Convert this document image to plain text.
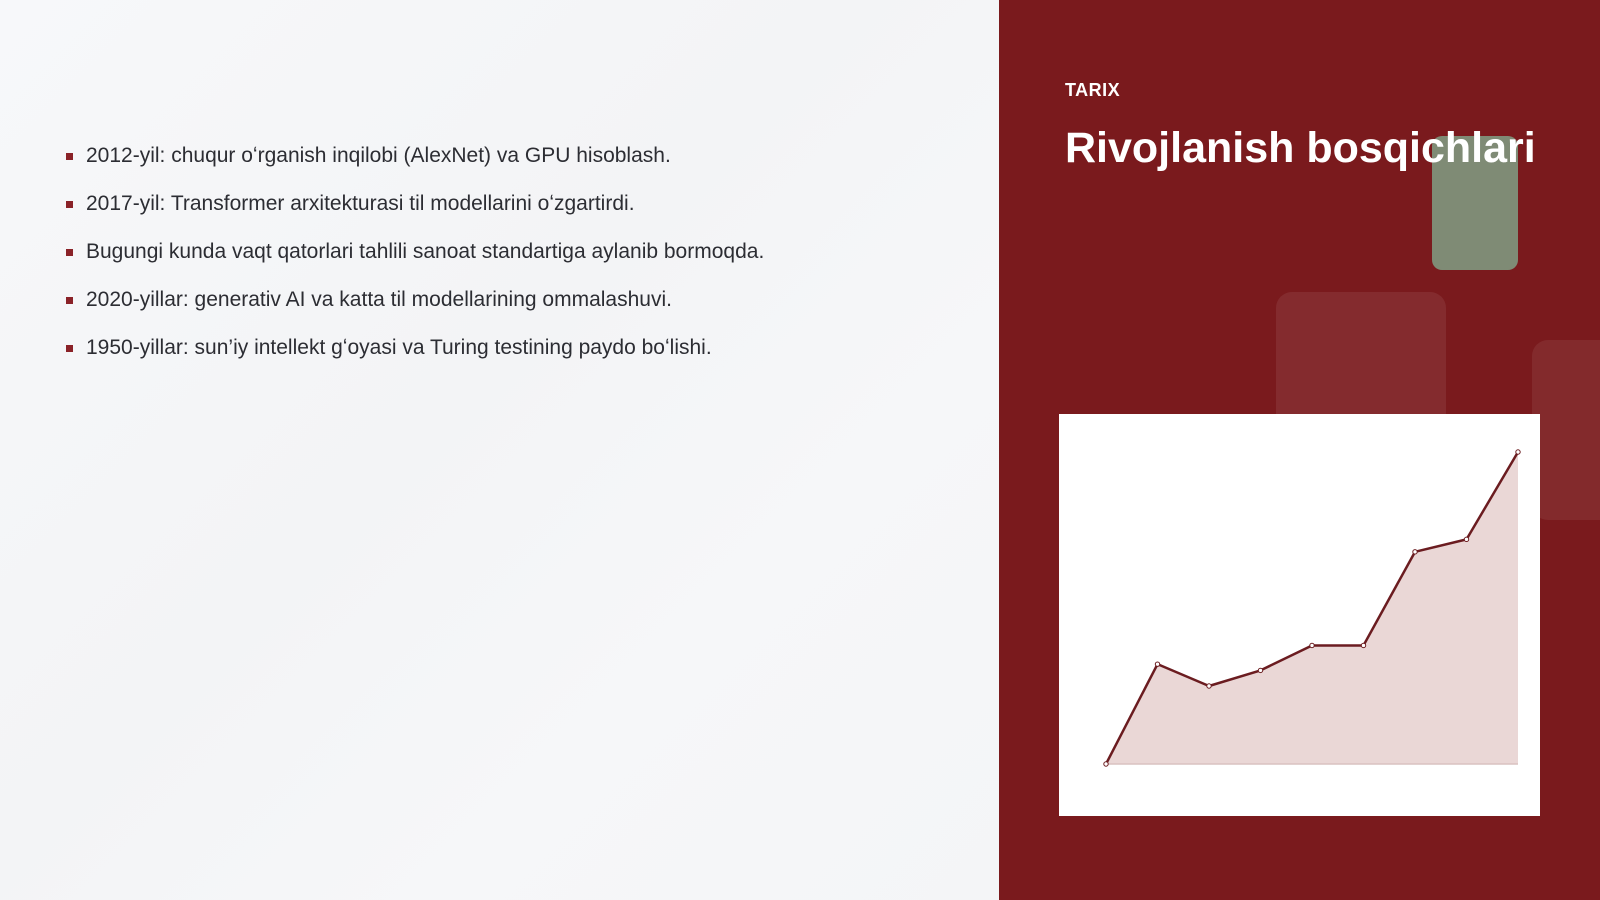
2012-yil: chuqur oʻrganish inqilobi (AlexNet) va GPU hisoblash.
2017-yil: Transformer arxitekturasi til modellarini oʻzgartirdi.
Bugungi kunda vaqt qatorlari tahlili sanoat standartiga aylanib bormoqda.
2020-yillar: generativ AI va katta til modellarining ommalashuvi.
1950-yillar: sun’iy intellekt gʻoyasi va Turing testining paydo boʻlishi.
TARIX
Rivojlanish bosqichlari
